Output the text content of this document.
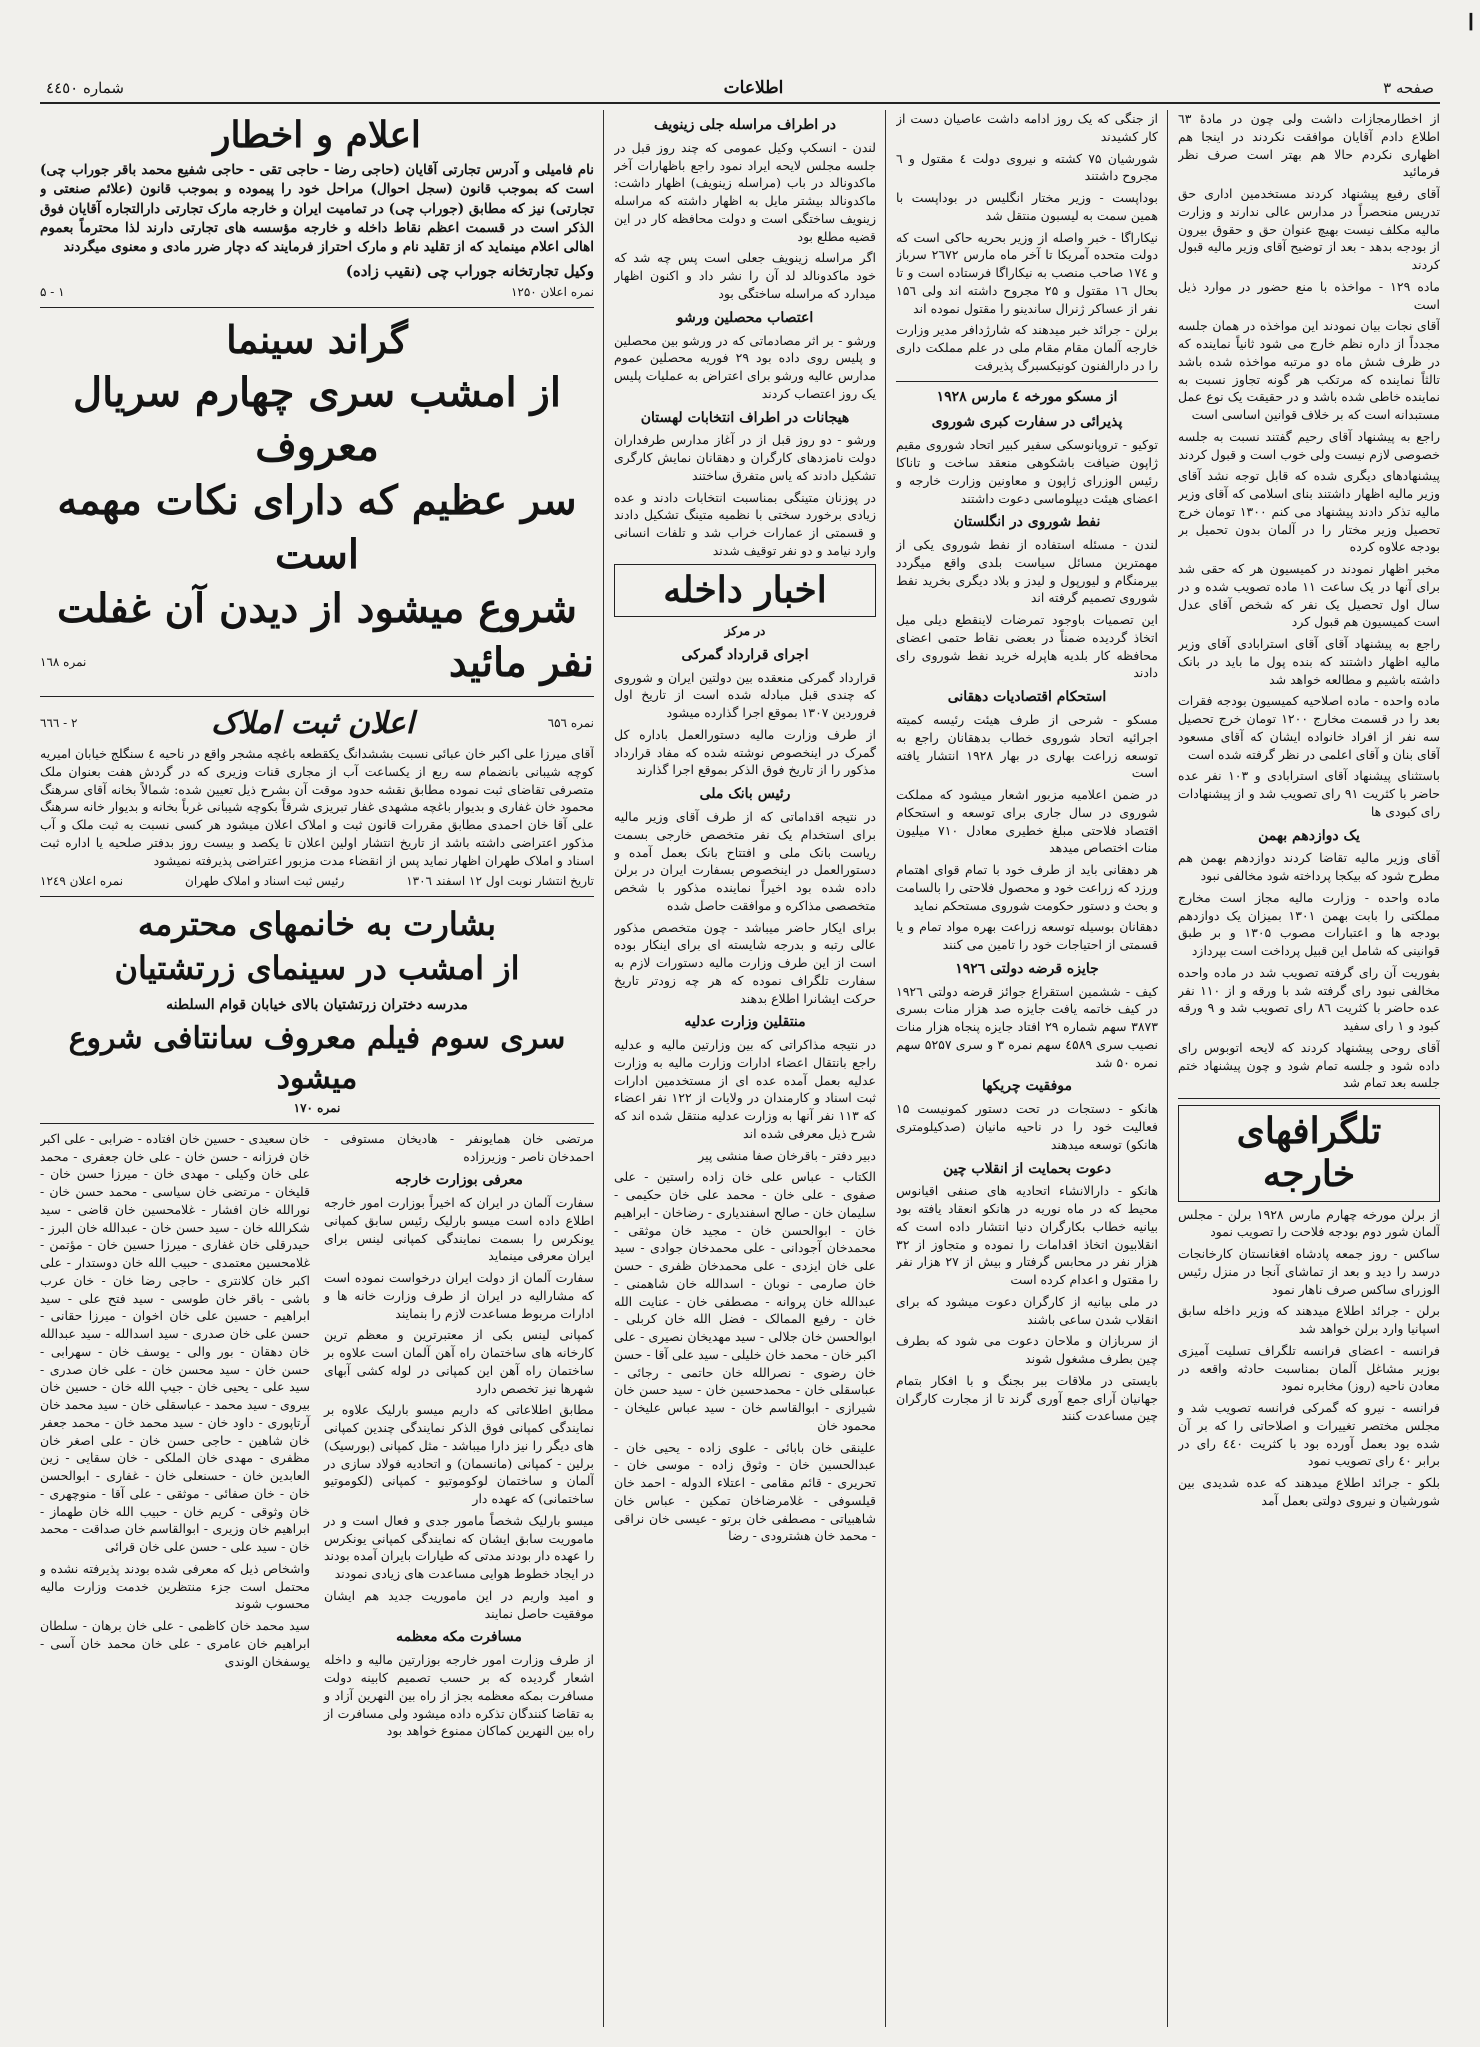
صفحه ۳
اطلاعات
شماره ٤٤٥٠
ا

از اخطارمجازات داشت ولی چون در مادهٔ ٦٣ اطلاع دادم آقایان موافقت نکردند در اینجا هم اظهاری نکردم حالا هم بهتر است صرف نظر فرمائید

آقای رفیع پیشنهاد کردند مستخدمین اداری حق تدریس منحصراً در مدارس عالی ندارند و وزارت مالیه مکلف نیست بهیچ عنوان حق و حقوق بیرون از بودجه بدهد - بعد از توضیح آقای وزیر مالیه قبول کردند

ماده ۱۲۹ - مواخذه با منع حضور در موارد ذیل است

آقای نجات بیان نمودند این مواخذه در همان جلسه مجدداً از داره نظم خارج می شود ثانیاً نماینده که در ظرف شش ماه دو مرتبه مواخذه شده باشد تالثاً نماینده که مرتکب هر گونه تجاوز نسبت به نماینده خاطی شده باشد و در حقیقت یک نوع عمل مستبدانه است که بر خلاف قوانین اساسی است

راجع به پیشنهاد آقای رحیم گفتند نسبت به جلسه خصوصی لازم نیست ولی خوب است و قبول کردند

پیشنهادهای دیگری شده که قابل توجه نشد آقای وزیر مالیه اظهار داشتند بنای اسلامی که آقای وزیر مالیه تذکر دادند پیشنهاد می کنم ۱۳۰۰ تومان خرج تحصیل وزیر مختار را در آلمان بدون تحمیل بر بودجه علاوه کرده

مخبر اظهار نمودند در کمیسیون هر که حقی شد برای آنها در یک ساعت ۱۱ ماده تصویب شده و در سال اول تحصیل یک نفر که شخص آقای عدل است کمیسیون هم قبول کرد

راجع به پیشنهاد آقای آقای استرابادی آقای وزیر مالیه اظهار داشتند که بنده پول ما باید در بانک داشته باشیم و مطالعه خواهد شد

ماده واحده - ماده اصلاحیه کمیسیون بودجه فقرات بعد را در قسمت مخارج ۱۲۰۰ تومان خرج تحصیل سه نفر از افراد خانواده ایشان که آقای مسعود آقای بنان و آقای اعلمی در نظر گرفته شده است

باستثنای پیشنهاد آقای استرابادی و ۱۰۳ نفر عده حاضر با کثریت ۹۱ رای تصویب شد و از پیشنهادات رای کبودی ها

یک دوازدهم بهمن

آقای وزیر مالیه تقاضا کردند دوازدهم بهمن هم مطرح شود که بیکجا پرداخته شود مخالفی نبود

ماده واحده - وزارت مالیه مجاز است مخارج مملکتی را بابت بهمن ۱۳۰۱ بمیزان یک دوازدهم بودجه ها و اعتبارات مصوب ۱۳۰۵ و بر طبق قوانینی که شامل این قبیل پرداخت است بپردازد

بفوریت آن رای گرفته تصویب شد در ماده واحده مخالفی نبود رای گرفته شد با ورقه و از ۱۱۰ نفر عده حاضر با کثریت ۸٦ رای تصویب شد و ۹ ورقه کبود و ۱ رای سفید

آقای روحی پیشنهاد کردند که لایحه اتوبوس رای داده شود و جلسه تمام شود و چون پیشنهاد ختم جلسه بعد تمام شد

تلگرافهای خارجه

از برلن مورخه چهارم مارس ۱۹۲۸ برلن - مجلس آلمان شور دوم بودجه فلاحت را تصویب نمود

ساکس - روز جمعه پادشاه افغانستان کارخانجات درسد را دید و بعد از تماشای آنجا در منزل رئیس الوزرای ساکس صرف ناهار نمود

برلن - جرائد اطلاع میدهند که وزیر داخله سابق اسپانیا وارد برلن خواهد شد

فرانسه - اعضای فرانسه تلگراف تسلیت آمیزی بوزیر مشاغل آلمان بمناسبت حادثه واقعه در معادن ناحیه (روز) مخابره نمود

فرانسه - نیرو که گمرکی فرانسه تصویب شد و مجلس مختصر تغییرات و اصلاحاتی را که بر آن شده بود بعمل آورده بود با کثریت ٤٤٠ رای در برابر ٤٠ رای تصویب نمود

بلکو - جرائد اطلاع میدهند که عده شدیدی بین شورشیان و نیروی دولتی بعمل آمد

از جنگی که یک روز ادامه داشت عاصیان دست از کار کشیدند

شورشیان ۷۵ کشته و نیروی دولت ٤ مقتول و ٦ مجروح داشتند

بوداپست - وزیر مختار انگلیس در بوداپست با همین سمت به لیسبون منتقل شد

نیکاراگا - خبر واصله از وزیر بحریه حاکی است که دولت متحده آمریکا تا آخر ماه مارس ۲٦۷۲ سرباز و ۱۷٤ صاحب منصب به نیکاراگا فرستاده است و تا بحال ۱٦ مقتول و ۲۵ مجروح داشته اند ولی ۱۵٦ نفر از عساکر ژنرال ساندینو را مقتول نموده اند

برلن - جرائد خبر میدهند که شارژدافر مدیر وزارت خارجه آلمان مقام مقام ملی در علم مملکت داری را در دارالفنون کونیکسبرگ پذیرفت

از مسکو مورخه ٤ مارس ۱۹۲۸
پذیرائی در سفارت کبری شوروی

توکیو - تروپانوسکی سفیر کبیر اتحاد شوروی مقیم ژاپون ضیافت باشکوهی منعقد ساخت و تاناکا رئیس الوزرای ژاپون و معاونین وزارت خارجه و اعضای هیئت دیپلوماسی دعوت داشتند

نفط شوروی در انگلستان

لندن - مسئله استفاده از نفط شوروی یکی از مهمترین مسائل سیاست بلدی واقع میگردد بیرمنگام و لیورپول و لیدز و بلاد دیگری بخرید نفط شوروی تصمیم گرفته اند

این تصمیات باوجود تمرضات لاینقطع دیلی میل اتخاذ گردیده ضمناً در بعضی نقاط حتمی اعضای محافظه کار بلدیه هاپرله خرید نفط شوروی رای دادند

استحکام اقتصادیات دهقانی

مسکو - شرحی از طرف هیئت رئیسه کمیته اجرائیه اتحاد شوروی خطاب بدهقانان راجع به توسعه زراعت بهاری در بهار ۱۹۲۸ انتشار یافته است

در ضمن اعلامیه مزبور اشعار میشود که مملکت شوروی در سال جاری برای توسعه و استحکام اقتصاد فلاحتی مبلغ خطیری معادل ۷۱۰ میلیون منات اختصاص میدهد

هر دهقانی باید از طرف خود با تمام قوای اهتمام ورزد که زراعت خود و محصول فلاحتی را بالسامت و بحث و دستور حکومت شوروی مستحکم نماید

دهقانان بوسیله توسعه زراعت بهره مواد تمام و یا قسمتی از احتیاجات خود را تامین می کنند

جایزه قرضه دولتی ۱۹۲٦

کیف - ششمین استقراع جوائز قرضه دولتی ۱۹۲٦ در کیف خاتمه یافت جایزه صد هزار منات بسری ۳۸۷۳ سهم شماره ۲۹ افتاد جایزه پنجاه هزار منات نصیب سری ٤۵۸۹ سهم نمره ۳ و سری ۵۲۵۷ سهم نمره ۵۰ شد

موفقیت چریکها

هانکو - دستجات در تحت دستور کمونیست ۱۵ فعالیت خود را در ناحیه مانیان (صدکیلومتری هانکو) توسعه میدهند

دعوت بحمایت از انقلاب چین

هانکو - دارالانشاء اتحادیه های صنفی اقیانوس محیط که در ماه نوریه در هانکو انعقاد یافته بود بیانیه خطاب بکارگران دنیا انتشار داده است که انقلابیون اتخاذ اقدامات را نموده و متجاوز از ۳۲ هزار نفر در محابس گرفتار و بیش از ۲۷ هزار نفر را مقتول و اعدام کرده است

در ملی بیانیه از کارگران دعوت میشود که برای انقلاب شدن ساعی باشند

از سربازان و ملاحان دعوت می شود که بطرف چین بطرف مشغول شوند

بایستی در ملاقات ببر بجنگ و با افکار بتمام جهانیان آرای جمع آوری گرند تا از مجارت کارگران چین مساعدت کنند

در اطراف مراسله جلی زینویف

لندن - انسکپ وکیل عمومی که چند روز قبل در جلسه مجلس لایحه ایراد نمود راجع باظهارات آخر ماکدونالد در باب (مراسله زینویف) اظهار داشت: ماکدونالد بیشتر مایل به اظهار داشته که مراسله زینویف ساختگی است و دولت محافظه کار در این قضیه مطلع بود

اگر مراسله زینویف جعلی است پس چه شد که خود ماکدونالد لد آن را نشر داد و اکنون اظهار میدارد که مراسله ساختگی بود

اعتصاب محصلین ورشو

ورشو - بر اثر مصادماتی که در ورشو بین محصلین و پلیس روی داده بود ۲۹ فوریه محصلین عموم مدارس عالیه ورشو برای اعتراض به عملیات پلیس یک روز اعتصاب کردند

هیجانات در اطراف انتخابات لهستان

ورشو - دو روز قبل از در آغاز مدارس طرفداران دولت نامزدهای کارگران و دهقانان نمایش کارگری تشکیل دادند که یاس متفرق ساختند

در پوزنان متینگی بمناسبت انتخابات دادند و عده زیادی برخورد سختی با نظمیه متینگ تشکیل دادند و قسمتی از عمارات خراب شد و تلفات انسانی وارد نیامد و دو نفر توقیف شدند

اخبار داخله
در مرکز
اجرای قرارداد گمرکی

قرارداد گمرکی منعقده بین دولتین ایران و شوروی که چندی قبل مبادله شده است از تاریخ اول فروردین ۱۳۰۷ بموقع اجرا گذارده میشود

از طرف وزارت مالیه دستورالعمل باداره کل گمرک در اینخصوص نوشته شده که مفاد قرارداد مذکور را از تاریخ فوق الذکر بموقع اجرا گذارند

رئیس بانک ملی

در نتیجه اقداماتی که از طرف آقای وزیر مالیه برای استخدام یک نفر متخصص خارجی بسمت ریاست بانک ملی و افتتاح بانک بعمل آمده و دستورالعمل در اینخصوص بسفارت ایران در برلن داده شده بود اخیراً نماینده مذکور با شخص متخصصی مذاکره و موافقت حاصل شده

برای ایکار حاضر میباشد - چون متخصص مذکور عالی رتبه و بدرجه شایسته ای برای اینکار بوده است از این طرف وزارت مالیه دستورات لازم به سفارت تلگراف نموده که هر چه زودتر تاریخ حرکت ایشانرا اطلاع بدهند

منتقلین وزارت عدلیه

در نتیجه مذاکراتی که بین وزارتین مالیه و عدلیه راجع بانتقال اعضاء ادارات وزارت مالیه به وزارت عدلیه بعمل آمده عده ای از مستخدمین ادارات ثبت اسناد و کارمندان در ولایات از ۱۲۲ نفر اعضاء که ۱۱۳ نفر آنها به وزارت عدلیه منتقل شده اند که شرح ذیل معرفی شده اند

دبیر دفتر - باقرخان صفا منشی پیر

الکتاب - عباس علی خان زاده راستین - علی صفوی - علی خان - محمد علی خان حکیمی - سلیمان خان - صالح اسفندیاری - رضاخان - ابراهیم خان - ابوالحسن خان - مجید خان موثقی - محمدخان آجودانی - علی محمدخان جوادی - سید علی خان ایزدی - علی محمدخان ظفری - حسن خان صارمی - نوبان - اسدالله خان شاهمنی - عبدالله خان پروانه - مصطفی خان - عنایت الله خان - رفیع الممالک - فضل الله خان کربلی - ابوالحسن خان جلالی - سید مهدیخان نصیری - علی اکبر خان - محمد خان خلیلی - سید علی آقا - حسن خان رضوی - نصرالله خان حاتمی - رجائی - عباسقلی خان - محمدحسین خان - سید حسن خان شیرازی - ابوالقاسم خان - سید عباس علیخان - محمود خان

علینقی خان بابائی - علوی زاده - یحیی خان - عبدالحسین خان - وثوق زاده - موسی خان - تحریری - قائم مقامی - اعتلاء الدوله - احمد خان قیلسوفی - غلامرضاخان تمکین - عباس خان شاهبیاتی - مصطفی خان برتو - عیسی خان نراقی - محمد خان هشترودی - رضا

اعلام و اخطار

نام فامیلی و آدرس تجارتی آقایان (حاجی رضا - حاجی تقی - حاجی شفیع محمد باقر جوراب چی) است که بموجب قانون (سجل احوال) مراحل خود را پیموده و بموجب قانون (علائم صنعتی و تجارتی) نیز که مطابق (جوراب چی) در تمامیت ایران و خارجه مارک تجارتی دارالتجاره آقایان فوق الذکر است در قسمت اعظم نقاط داخله و خارجه مؤسسه های تجارتی دارند لذا محترماً بعموم اهالی اعلام مینماید که از تقلید نام و مارک احتراز فرمایند که دچار ضرر مادی و معنوی میگردند

وکیل تجارتخانه جوراب چی (نقیب زاده)
نمره اعلان ۱۲۵۰
۱ - ۵
گراند سینما
از امشب سری چهارم سریال معروف
سر عظیم که دارای نکات مهمه است
شروع میشود از دیدن آن غفلت
نفر مائید
نمره ۱٦۸
نمره ٦۵٦
اعلان ثبت املاک
۲ - ٦٦٦

آقای میرزا علی اکبر خان عبائی نسبت بششدانگ یکقطعه باغچه مشجر واقع در ناحیه ٤ سنگلج خیابان امیریه کوچه شیبانی بانضمام سه ربع از یکساعت آب از مجاری قنات وزیری که در گردش هفت بعنوان ملک متصرفی تقاضای ثبت نموده مطابق نقشه حدود موقت آن بشرح ذیل تعیین شده: شمالاً بخانه آقای سرهنگ محمود خان غفاری و بدیوار باغچه مشهدی غفار تبریزی شرقاً بکوچه شیبانی غرباً بخانه و بدیوار خانه سرهنگ علی آقا خان احمدی مطابق مقررات قانون ثبت و املاک اعلان میشود هر کسی نسبت به ثبت ملک و آب مذکور اعتراضی داشته باشد از تاریخ انتشار اولین اعلان تا یکصد و بیست روز بدفتر صلحیه یا اداره ثبت اسناد و املاک طهران اظهار نماید پس از انقضاء مدت مزبور اعتراضی پذیرفته نمیشود

تاریخ انتشار نوبت اول ۱۲ اسفند ۱۳۰٦
رئیس ثبت اسناد و املاک طهران
نمره اعلان ۱۲٤۹
بشارت به خانمهای محترمه
از امشب در سینمای زرتشتیان
مدرسه دختران زرتشتیان بالای خیابان قوام السلطنه
سری سوم فیلم معروف سانتافی شروع میشود
نمره ۱۷۰

مرتضی خان همایونفر - هادیخان مستوفی - احمدخان ناصر - وزیرزاده

معرفی بوزارت خارجه

سفارت آلمان در ایران که اخیراً بوزارت امور خارجه اطلاع داده است میسو بارلیک رئیس سابق کمپانی یونکرس را بسمت نمایندگی کمپانی لینس برای ایران معرفی مینماید

سفارت آلمان از دولت ایران درخواست نموده است که مشارالیه در ایران از طرف وزارت خانه ها و ادارات مربوط مساعدت لازم را بنمایند

کمپانی لینس بکی از معتبرترین و معظم ترین کارخانه های ساختمان راه آهن آلمان است علاوه بر ساختمان راه آهن این کمپانی در لوله کشی آبهای شهرها نیز تخصص دارد

مطابق اطلاعاتی که داریم میسو بارلیک علاوه بر نمایندگی کمپانی فوق الذکر نمایندگی چندین کمپانی های دیگر را نیز دارا میباشد - مثل کمپانی (بورسیک) برلین - کمپانی (مانسمان) و اتحادیه فولاد سازی در آلمان و ساختمان لوکوموتیو - کمپانی (لکوموتیو ساختمانی) که عهده دار

میسو بارلیک شخصاً مامور جدی و فعال است و در ماموریت سابق ایشان که نمایندگی کمپانی یونکرس را عهده دار بودند مدتی که طیارات بایران آمده بودند در ایجاد خطوط هوایی مساعدت های زیادی نمودند

و امید واریم در این ماموریت جدید هم ایشان موفقیت حاصل نمایند

مسافرت مکه معظمه

از طرف وزارت امور خارجه بوزارتین مالیه و داخله اشعار گردیده که بر حسب تصمیم کابینه دولت مسافرت بمکه معظمه بجز از راه بین النهرین آزاد و به تقاضا کنندگان تذکره داده میشود ولی مسافرت از راه بین النهرین کماکان ممنوع خواهد بود

خان سعیدی - حسین خان افتاده - ضرابی - علی اکبر خان فرزانه - حسن خان - علی خان جعفری - محمد علی خان وکیلی - مهدی خان - میرزا حسن خان - قلیخان - مرتضی خان سیاسی - محمد حسن خان - نورالله خان افشار - غلامحسین خان قاضی - سید شکرالله خان - سید حسن خان - عبدالله خان البرز - حیدرقلی خان غفاری - میرزا حسین خان - مؤتمن - غلامحسین معتمدی - حبیب الله خان دوستدار - علی اکبر خان کلانتری - حاجی رضا خان - خان عرب باشی - باقر خان طوسی - سید فتح علی - سید ابراهیم - حسین علی خان اخوان - میرزا حقانی - حسن علی خان صدری - سید اسدالله - سید عبدالله خان دهقان - بور والی - یوسف خان - سهرابی - حسن خان - سید محسن خان - علی خان صدری - سید علی - یحیی خان - جیپ الله خان - حسین خان بیروی - سید محمد - عباسقلی خان - سید محمد خان آرتاپوری - داود خان - سید محمد خان - محمد جعفر خان شاهین - حاجی حسن خان - علی اصغر خان مظفری - مهدی خان الملکی - خان سقایی - زین العابدین خان - حسنعلی خان - غفاری - ابوالحسن خان - خان صفائی - موثقی - علی آقا - منوچهری - خان وثوقی - کریم خان - حبیب الله خان طهماز - ابراهیم خان وزیری - ابوالقاسم خان صداقت - محمد خان - سید علی - حسن علی خان قرائی

واشخاص ذیل که معرفی شده بودند پذیرفته نشده و محتمل است جزء منتظرین خدمت وزارت مالیه محسوب شوند

سید محمد خان کاظمی - علی خان برهان - سلطان ابراهیم خان عامری - علی خان محمد خان آسی - یوسفخان الوندی
